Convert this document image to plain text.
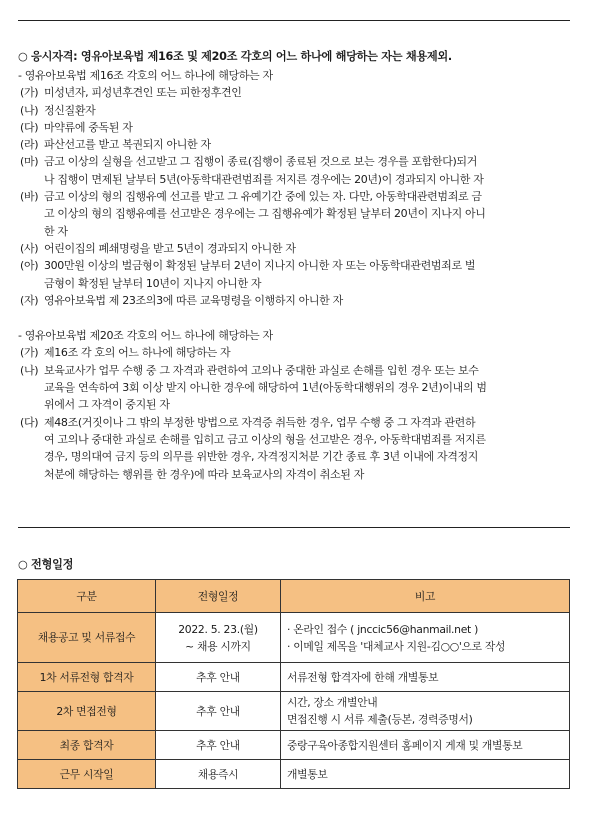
○ 응시자격: 영유아보육법 제16조 및 제20조 각호의 어느 하나에 해당하는 자는 채용제외.
- 영유아보육법 제16조 각호의 어느 하나에 해당하는 자
(가) 미성년자, 피성년후견인 또는 피한정후견인
(나) 정신질환자
(다) 마약류에 중독된 자
(라) 파산선고를 받고 복권되지 아니한 자
(마) 금고 이상의 실형을 선고받고 그 집행이 종료(집행이 종료된 것으로 보는 경우를 포함한다)되거
나 집행이 면제된 날부터 5년(아동학대관련범죄를 저지른 경우에는 20년)이 경과되지 아니한 자
(바) 금고 이상의 형의 집행유예 선고를 받고 그 유예기간 중에 있는 자. 다만, 아동학대관련범죄로 금
고 이상의 형의 집행유예를 선고받은 경우에는 그 집행유예가 확정된 날부터 20년이 지나지 아니
한 자
(사) 어린이집의 폐쇄명령을 받고 5년이 경과되지 아니한 자
(아) 300만원 이상의 벌금형이 확정된 날부터 2년이 지나지 아니한 자 또는 아동학대관련범죄로 벌
금형이 확정된 날부터 10년이 지나지 아니한 자
(자) 영유아보육법 제 23조의3에 따른 교육명령을 이행하지 아니한 자
- 영유아보육법 제20조 각호의 어느 하나에 해당하는 자
(가) 제16조 각 호의 어느 하나에 해당하는 자
(나) 보육교사가 업무 수행 중 그 자격과 관련하여 고의나 중대한 과실로 손해를 입힌 경우 또는 보수
교육을 연속하여 3회 이상 받지 아니한 경우에 해당하여 1년(아동학대행위의 경우 2년)이내의 범
위에서 그 자격이 중지된 자
(다) 제48조(거짓이나 그 밖의 부정한 방법으로 자격증 취득한 경우, 업무 수행 중 그 자격과 관련하
여 고의나 중대한 과실로 손해를 입히고 금고 이상의 형을 선고받은 경우, 아동학대범죄를 저지른
경우, 명의대여 금지 등의 의무를 위반한 경우, 자격정지처분 기간 종료 후 3년 이내에 자격정지
처분에 해당하는 행위를 한 경우)에 따라 보육교사의 자격이 취소된 자
○ 전형일정
구분	전형일정	비고

채용공고 및 서류접수	2022. 5. 23.(월)
~ 채용 시까지	· 온라인 접수 ( jnccic56@hanmail.net )
· 이메일 제목을 '대체교사 지원-김○○'으로 작성

1차 서류전형 합격자	추후 안내	서류전형 합격자에 한해 개별통보

2차 면접전형	추후 안내	시간, 장소 개별안내
면접진행 시 서류 제출(등본, 경력증명서)

최종 합격자	추후 안내	중랑구육아종합지원센터 홈페이지 게재 및 개별통보

근무 시작일	채용즉시	개별통보
